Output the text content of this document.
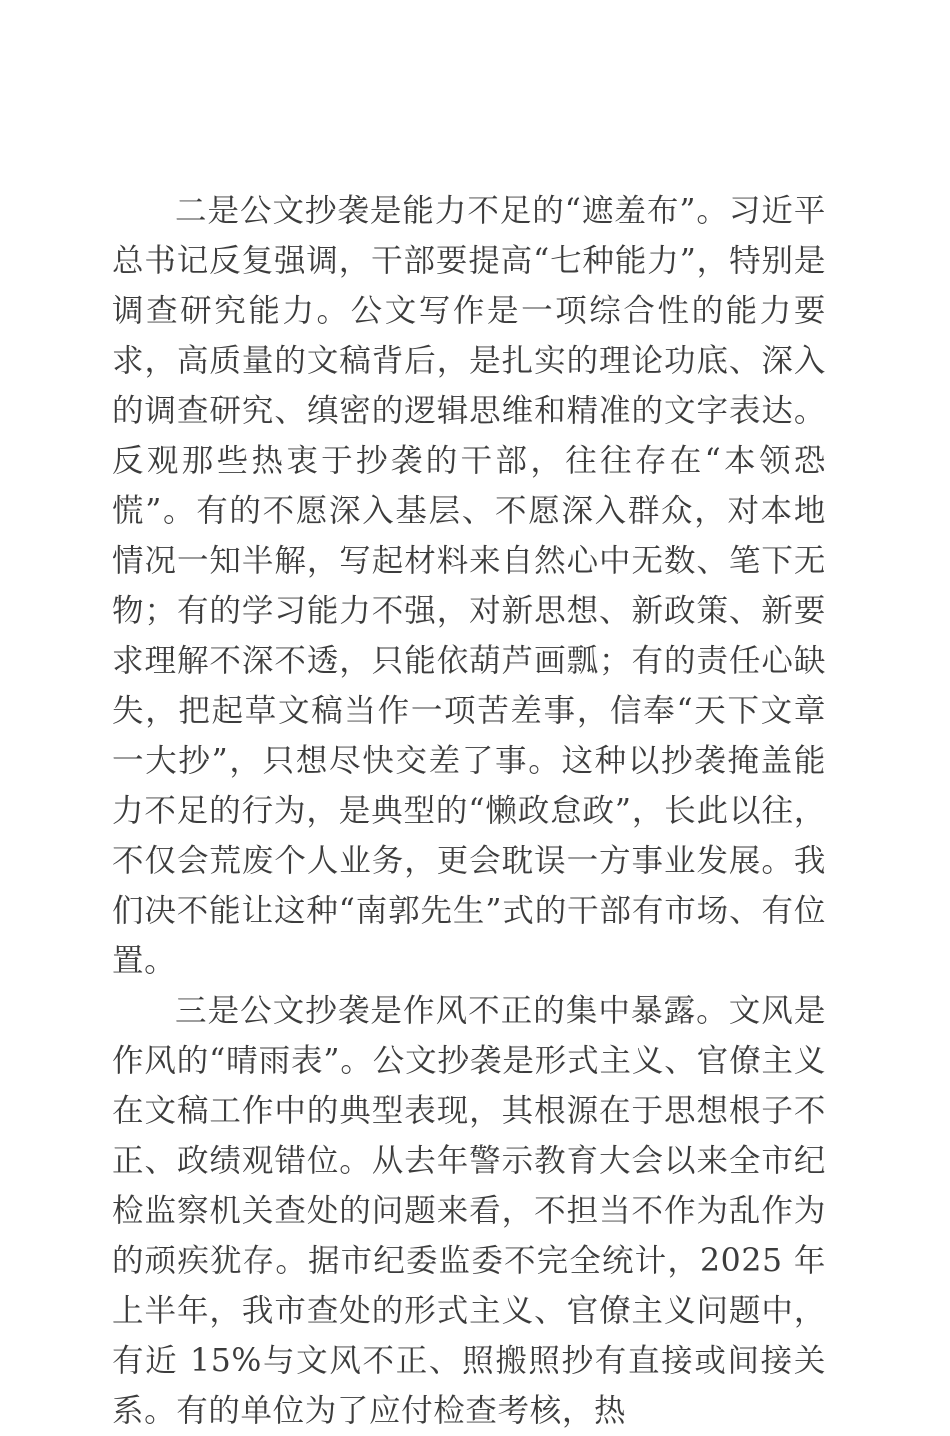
二是公文抄袭是能力不足的“遮羞布”。习近平总书记反复强调，干部要提高“七种能力”，特别是调查研究能力。公文写作是一项综合性的能力要求，高质量的文稿背后，是扎实的理论功底、深入的调查研究、缜密的逻辑思维和精准的文字表达。反观那些热衷于抄袭的干部，往往存在“本领恐慌”。有的不愿深入基层、不愿深入群众，对本地情况一知半解，写起材料来自然心中无数、笔下无物；有的学习能力不强，对新思想、新政策、新要求理解不深不透，只能依葫芦画瓢；有的责任心缺失，把起草文稿当作一项苦差事，信奉“天下文章一大抄”，只想尽快交差了事。这种以抄袭掩盖能力不足的行为，是典型的“懒政怠政”，长此以往，不仅会荒废个人业务，更会耽误一方事业发展。我们决不能让这种“南郭先生”式的干部有市场、有位置。

三是公文抄袭是作风不正的集中暴露。文风是作风的“晴雨表”。公文抄袭是形式主义、官僚主义在文稿工作中的典型表现，其根源在于思想根子不正、政绩观错位。从去年警示教育大会以来全市纪检监察机关查处的问题来看，不担当不作为乱作为的顽疾犹存。据市纪委监委不完全统计，2025 年上半年，我市查处的形式主义、官僚主义问题中，有近 15%与文风不正、照搬照抄有直接或间接关系。有的单位为了应付检查考核，热
